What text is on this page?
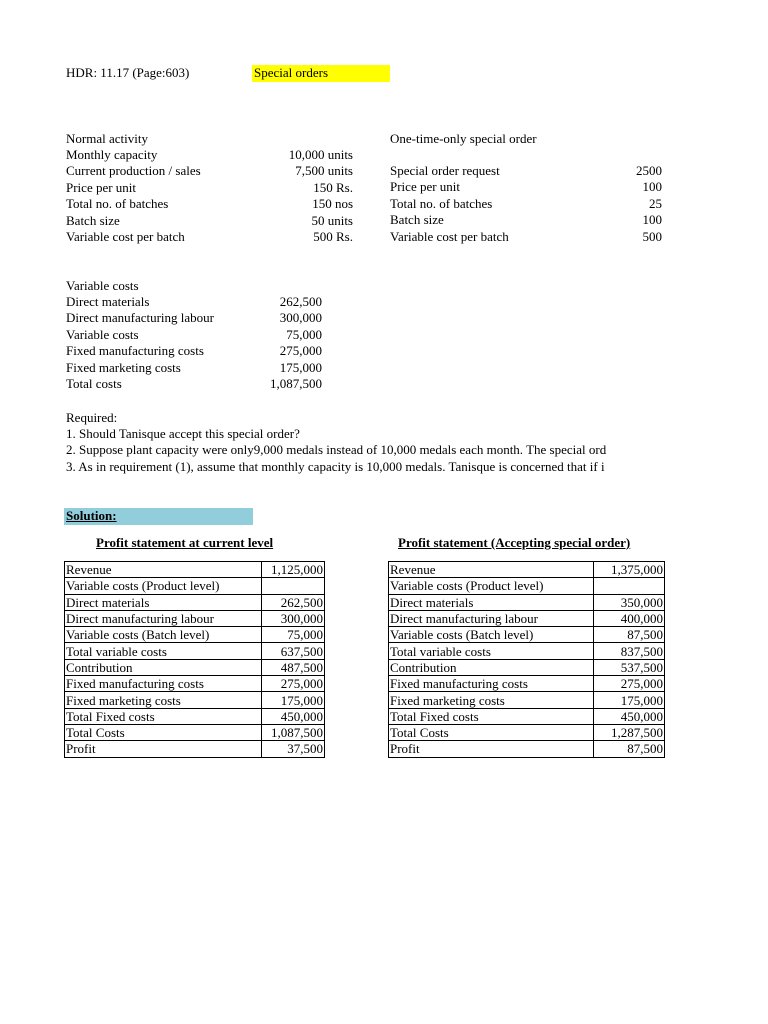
HDR: 11.17 (Page:603)	Special orders
Normal activity
Monthly capacity	10,000 units
Current production / sales	7,500 units
Price per unit	150 Rs.
Total no. of batches	150 nos
Batch size	50 units
Variable cost per batch	500 Rs.
One-time-only special order
Special order request	2500
Price per unit	100
Total no. of batches	25
Batch size	100
Variable cost per batch	500
Variable costs
Direct materials	262,500
Direct manufacturing labour	300,000
Variable costs	75,000
Fixed manufacturing costs	275,000
Fixed marketing costs	175,000
Total costs	1,087,500
Required:
1. Should Tanisque accept this special order?
2. Suppose plant capacity were only9,000 medals instead of 10,000 medals each month. The special ord
3. As in requirement (1), assume that monthly capacity is 10,000 medals. Tanisque is concerned that if i
Solution:
Profit statement at current level	Profit statement (Accepting special order)
Revenue	1,125,000
Variable costs (Product level)	
Direct materials	262,500
Direct manufacturing labour	300,000
Variable costs (Batch level)	75,000
Total variable costs	637,500
Contribution	487,500
Fixed manufacturing costs	275,000
Fixed marketing costs	175,000
Total Fixed costs	450,000
Total Costs	1,087,500
Profit	37,500
Revenue	1,375,000
Variable costs (Product level)	
Direct materials	350,000
Direct manufacturing labour	400,000
Variable costs (Batch level)	87,500
Total variable costs	837,500
Contribution	537,500
Fixed manufacturing costs	275,000
Fixed marketing costs	175,000
Total Fixed costs	450,000
Total Costs	1,287,500
Profit	87,500
